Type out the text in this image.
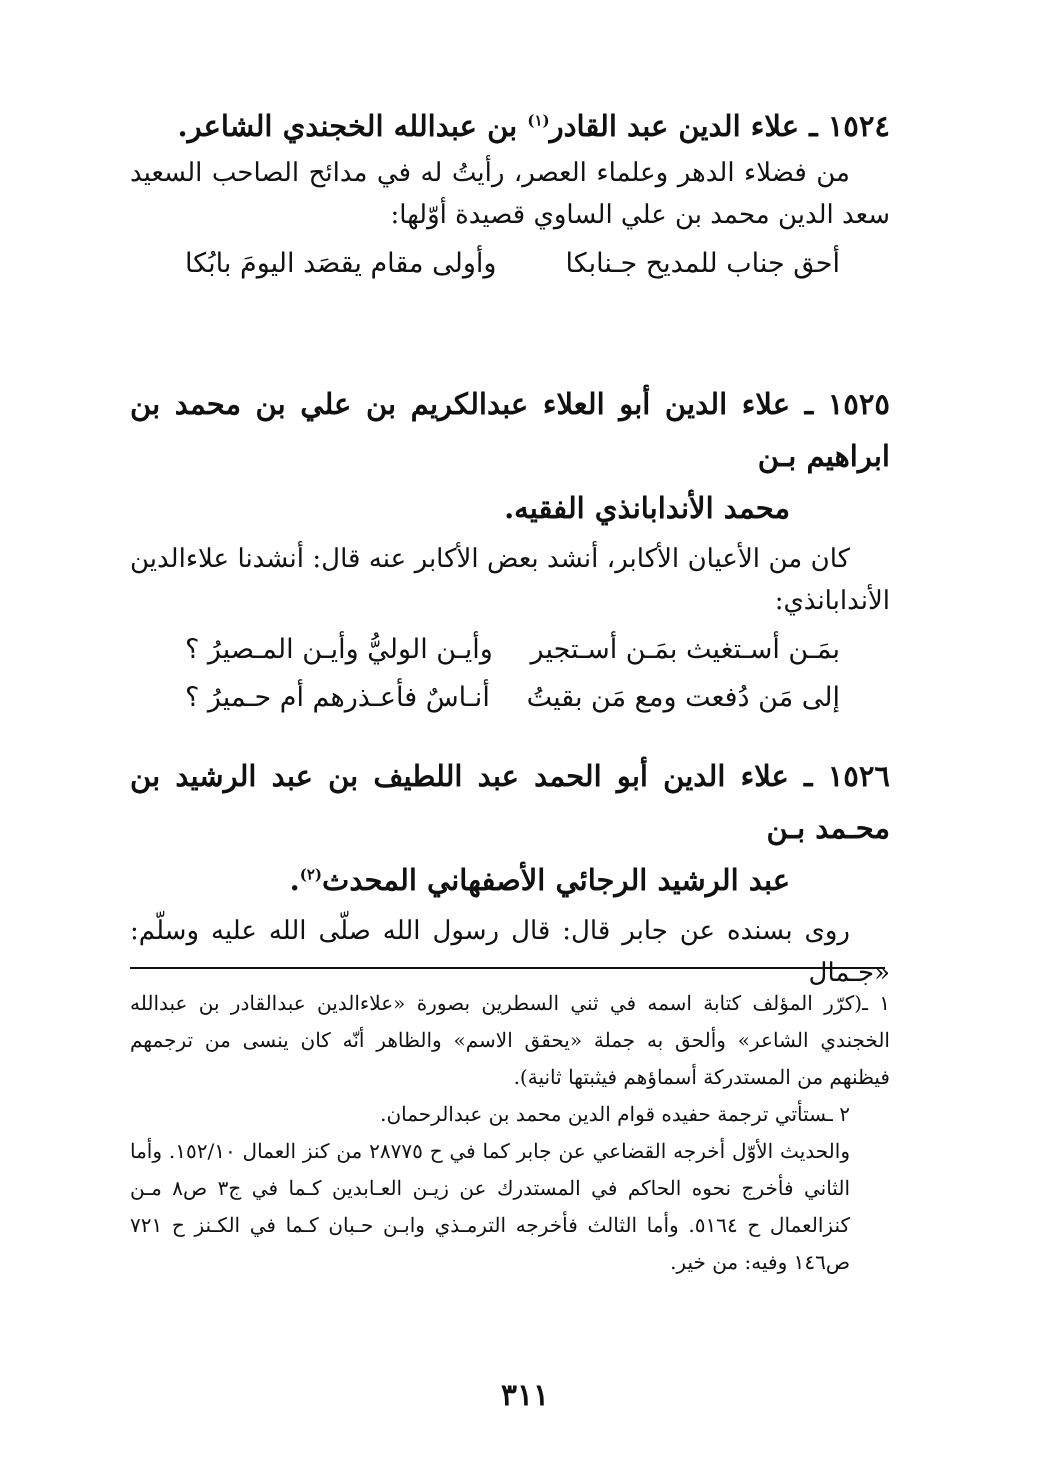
١٥٢٤ ـ علاء الدين عبد القادر$^{(١)}$ بن عبدالله الخجندي الشاعر.

من فضلاء الدهر وعلماء العصر، رأيتُ له في مدائح الصاحب السعيد سعد الدين محمد بن علي الساوي قصيدة أوّلها:

أحق جناب للمديح جـنابكا
وأولى مقام يقصَد اليومَ بابُكا

١٥٢٥ ـ علاء الدين أبو العلاء عبدالكريم بن علي بن محمد بن ابراهيم بـن
محمد الأندابانذي الفقيه.

كان من الأعيان الأكابر، أنشد بعض الأكابر عنه قال: أنشدنا علاءالدين الأندابانذي:

بمَـن أسـتغيث بمَـن أسـتجير
وأيـن الوليُّ وأيـن المـصيرُ ؟
إلى مَن دُفعت ومع مَن بقيتُ
أنـاسٌ فأعـذرهم أم حـميرُ ؟

١٥٢٦ ـ علاء الدين أبو الحمد عبد اللطيف بن عبد الرشيد بن محـمد بـن
عبد الرشيد الرجائي الأصفهاني المحدث$^{(٢)}$.

روى بسنده عن جابر قال: قال رسول الله صلّى الله عليه وسلّم: «جـمال

١ ـ(كرّر المؤلف كتابة اسمه في ثني السطرين بصورة «علاءالدين عبدالقادر بن عبدالله الخجندي الشاعر» وألحق به جملة «يحقق الاسم» والظاهر أنّه كان ينسى من ترجمهم فيظنهم من المستدركة أسماؤهم فيثبتها ثانية).

٢ ـستأتي ترجمة حفيده قوام الدين محمد بن عبدالرحمان.

والحديث الأوّل أخرجه القضاعي عن جابر كما في ح ٢٨٧٧٥ من كنز العمال ١٥٢/١٠. وأما الثاني فأخرج نحوه الحاكم في المستدرك عن زيـن العـابدين كـما في ج٣ ص٨ مـن كنزالعمال ح ٥١٦٤. وأما الثالث فأخرجه الترمـذي وابـن حـبان كـما في الكـنز ح ٧٢١ ص١٤٦ وفيه: من خير.

٣١١
